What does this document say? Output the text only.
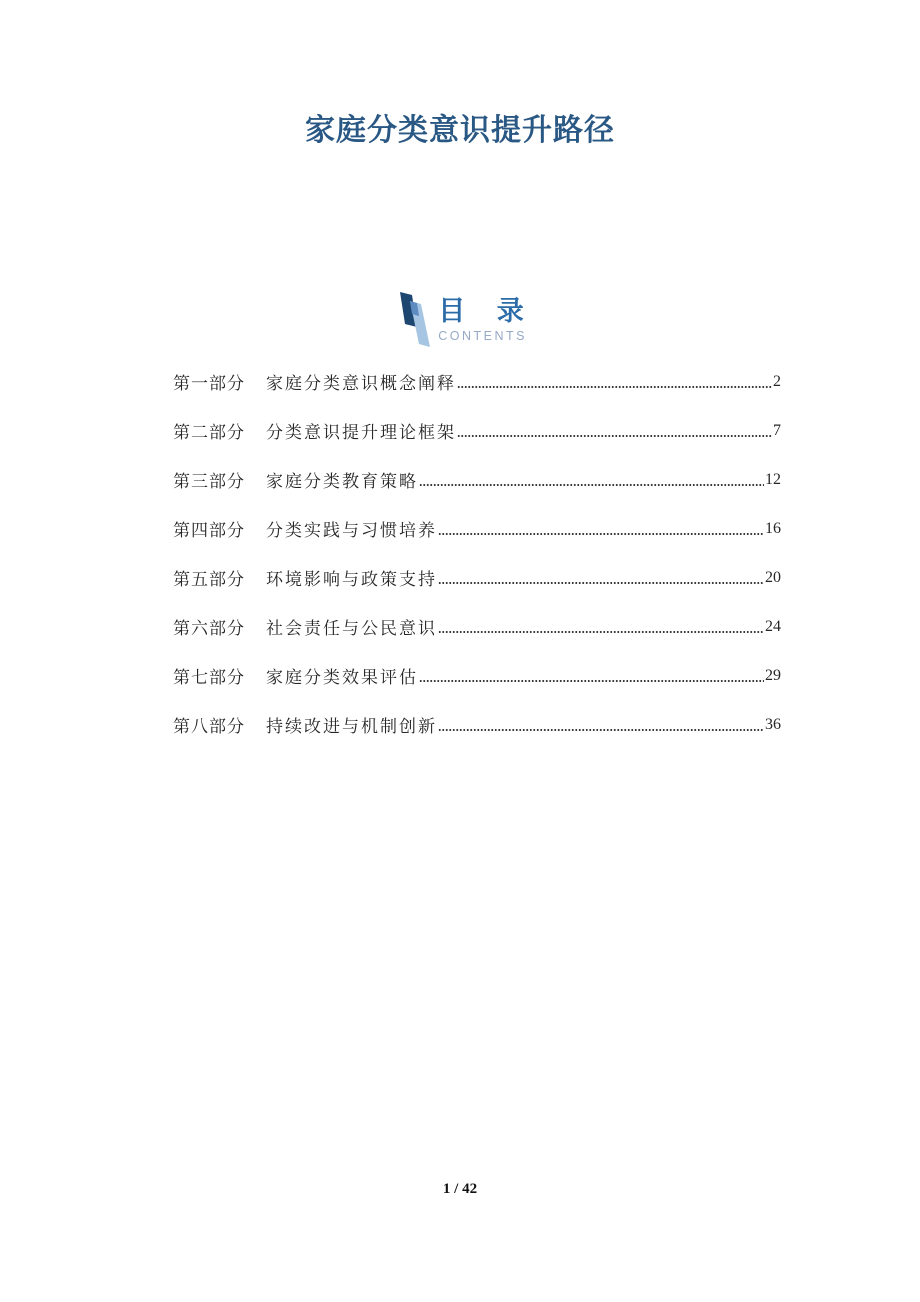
家庭分类意识提升路径
目 录
CONTENTS
第一部分 家庭分类意识概念阐释	2
第二部分 分类意识提升理论框架	7
第三部分 家庭分类教育策略	12
第四部分 分类实践与习惯培养	16
第五部分 环境影响与政策支持	20
第六部分 社会责任与公民意识	24
第七部分 家庭分类效果评估	29
第八部分 持续改进与机制创新	36
1 / 42
